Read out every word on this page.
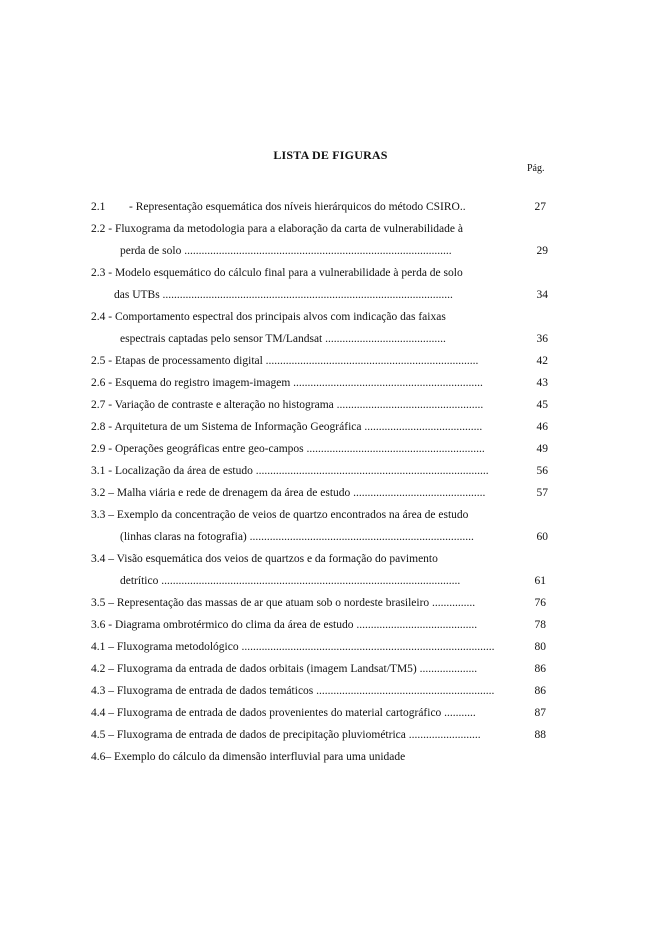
LISTA DE FIGURAS
Pág.
2.1 - Representação esquemática dos níveis hierárquicos do método CSIRO..	27
2.2 - Fluxograma da metodologia para a elaboração da carta de vulnerabilidade à
perda de solo .............................................................................................	29
2.3 - Modelo esquemático do cálculo final para a vulnerabilidade à perda de solo
das UTBs .....................................................................................................	34
2.4 - Comportamento espectral dos principais alvos com indicação das faixas
espectrais captadas pelo sensor TM/Landsat ..........................................	36
2.5 - Etapas de processamento digital ..........................................................................	42
2.6 - Esquema do registro imagem-imagem ..................................................................	43
2.7 - Variação de contraste e alteração no histograma ...................................................	45
2.8 - Arquitetura de um Sistema de Informação Geográfica .........................................	46
2.9 - Operações geográficas entre geo-campos ..............................................................	49
3.1 - Localização da área de estudo .................................................................................	56
3.2 – Malha viária e rede de drenagem da área de estudo ..............................................	57
3.3 – Exemplo da concentração de veios de quartzo encontrados na área de estudo
(linhas claras na fotografia) ..............................................................................	60
3.4 – Visão esquemática dos veios de quartzos e da formação do pavimento
detrítico ........................................................................................................	61
3.5 – Representação das massas de ar que atuam sob o nordeste brasileiro ...............	76
3.6 - Diagrama ombrotérmico do clima da área de estudo ..........................................	78
4.1 – Fluxograma metodológico ........................................................................................	80
4.2 – Fluxograma da entrada de dados orbitais (imagem Landsat/TM5) ....................	86
4.3 – Fluxograma de entrada de dados temáticos ..............................................................	86
4.4 – Fluxograma de entrada de dados provenientes do material cartográfico ...........	87
4.5 – Fluxograma de entrada de dados de precipitação pluviométrica .........................	88
4.6– Exemplo do cálculo da dimensão interfluvial para uma unidade
